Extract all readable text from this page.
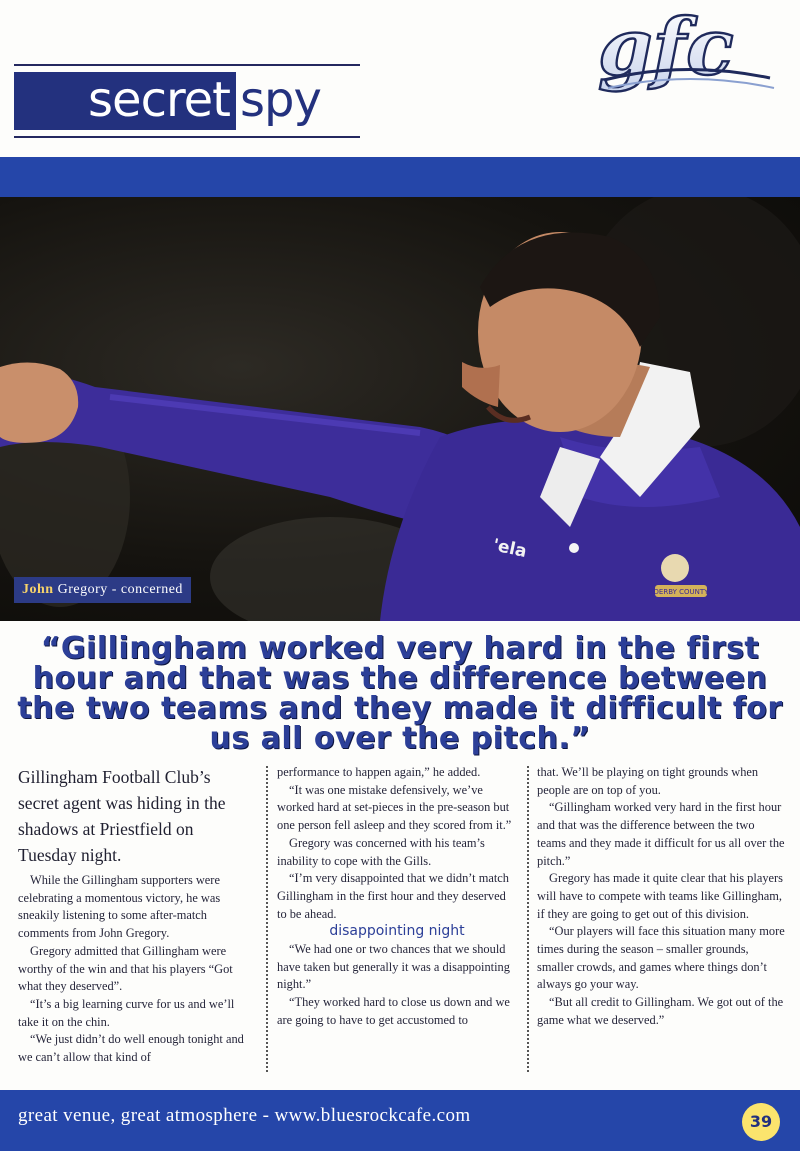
secret spy
gfc
DERBY COUNTY
'ela
John Gregory - concerned
“Gillingham worked very hard in the first hour and that was the difference between the two teams and they made it difficult for us all over the pitch.”

Gillingham Football Club’s secret agent was hiding in the shadows at Priestfield on Tuesday night.

While the Gillingham supporters were celebrating a momentous victory, he was sneakily listening to some after-match comments from John Gregory.

Gregory admitted that Gillingham were worthy of the win and that his players “Got what they deserved”.

“It’s a big learning curve for us and we’ll take it on the chin.

“We just didn’t do well enough tonight and we can’t allow that kind of

performance to happen again,” he added.

“It was one mistake defensively, we’ve worked hard at set-pieces in the pre-season but one person fell asleep and they scored from it.”

Gregory was concerned with his team’s inability to cope with the Gills.

“I’m very disappointed that we didn’t match Gillingham in the first hour and they deserved to be ahead.

disappointing night

“We had one or two chances that we should have taken but generally it was a disappointing night.”

“They worked hard to close us down and we are going to have to get accustomed to

that. We’ll be playing on tight grounds when people are on top of you.

“Gillingham worked very hard in the first hour and that was the difference between the two teams and they made it difficult for us all over the pitch.”

Gregory has made it quite clear that his players will have to compete with teams like Gillingham, if they are going to get out of this division.

“Our players will face this situation many more times during the season – smaller grounds, smaller crowds, and games where things don’t always go your way.

“But all credit to Gillingham. We got out of the game what we deserved.”

great venue, great atmosphere - www.bluesrockcafe.com	39
